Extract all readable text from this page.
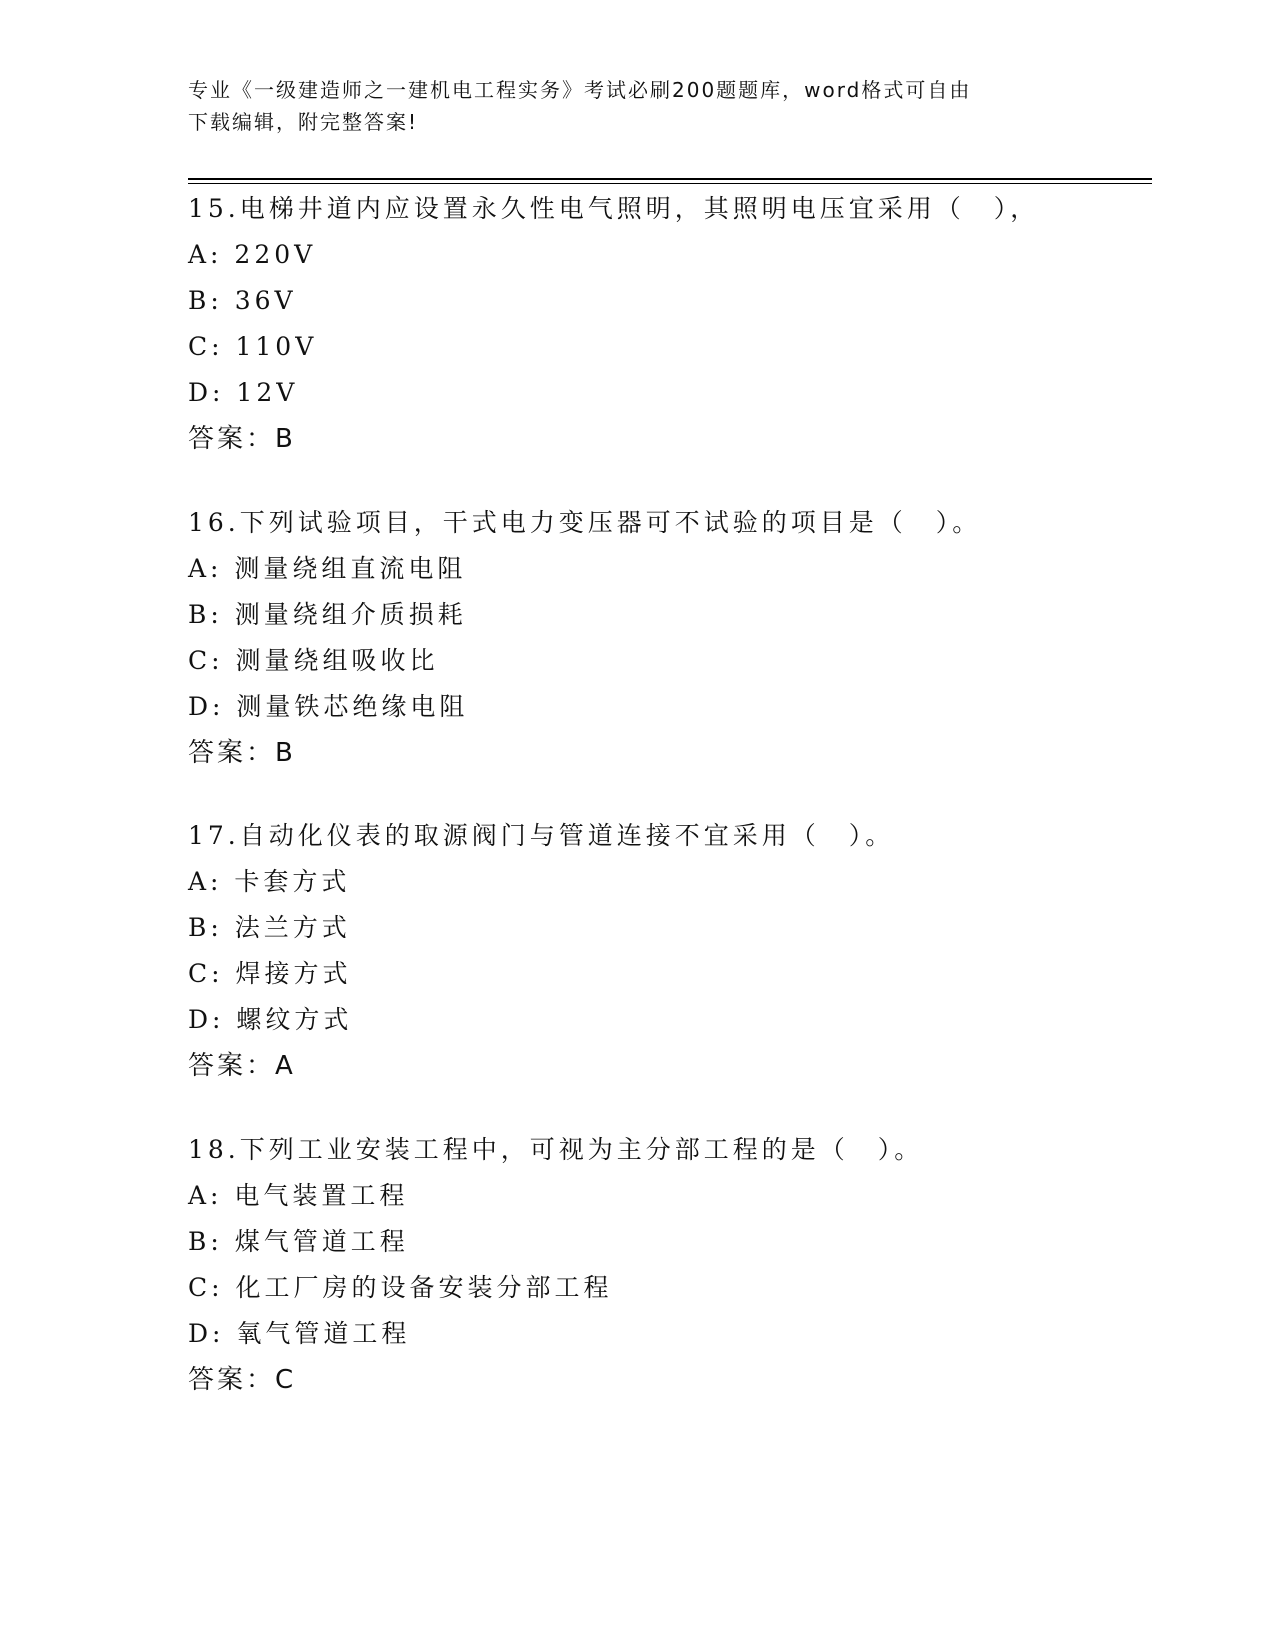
专业《一级建造师之一建机电工程实务》考试必刷200题题库，word格式可自由
下载编辑，附完整答案!
15.电梯井道内应设置永久性电气照明，其照明电压宜采用（　），
A: 220V
B: 36V
C: 110V
D: 12V
答案：B
16.下列试验项目，干式电力变压器可不试验的项目是（　）。
A: 测量绕组直流电阻
B: 测量绕组介质损耗
C: 测量绕组吸收比
D: 测量铁芯绝缘电阻
答案：B
17.自动化仪表的取源阀门与管道连接不宜采用（　）。
A: 卡套方式
B: 法兰方式
C: 焊接方式
D: 螺纹方式
答案：A
18.下列工业安装工程中，可视为主分部工程的是（　）。
A: 电气装置工程
B: 煤气管道工程
C: 化工厂房的设备安装分部工程
D: 氧气管道工程
答案：C
